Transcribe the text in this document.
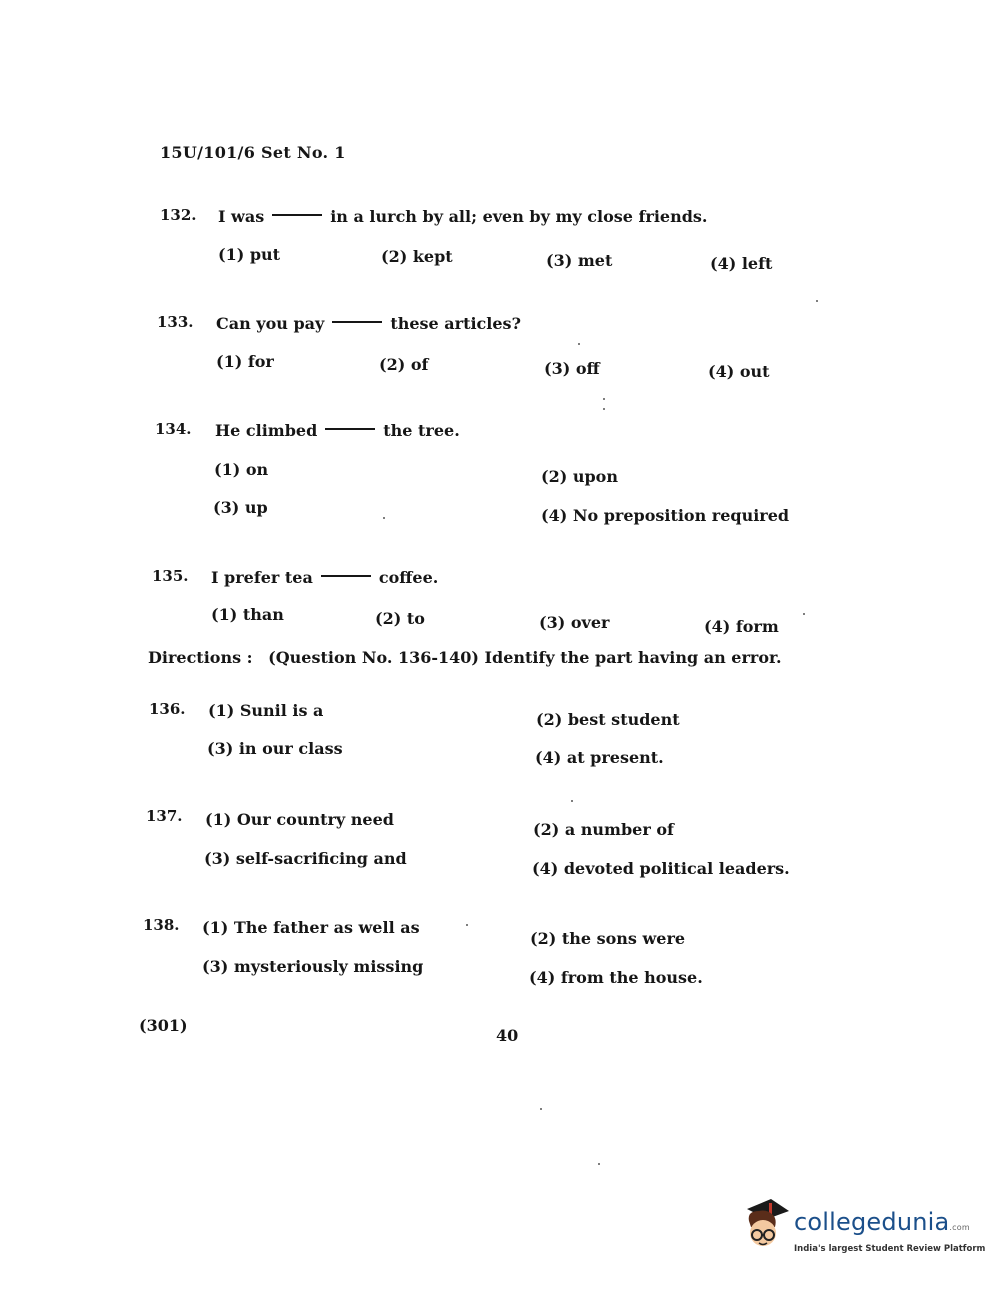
15U/101/6 Set No. 1
132. I was	in a lurch by all; even by my close friends.
(1) put	(2) kept	(3) met	(4) left
133. Can you pay	these articles?
(1) for	(2) of	(3) off	(4) out
134. He climbed	the tree.
(1) on	(2) upon
(3) up	(4) No preposition required
135. I prefer tea	coffee.
(1) than	(2) to	(3) over	(4) form
Directions : (Question No. 136-140) Identify the part having an error.
136. (1) Sunil is a	(2) best student
(3) in our class	(4) at present.
137. (1) Our country need
(2) a number of
(3) self-sacrificing and
(4) devoted political leaders.
138. (1) The father as well as
(2) the sons were
(3) mysteriously missing
(4) from the house.
(301)
40
collegedunia.com
India's largest Student Review Platform
